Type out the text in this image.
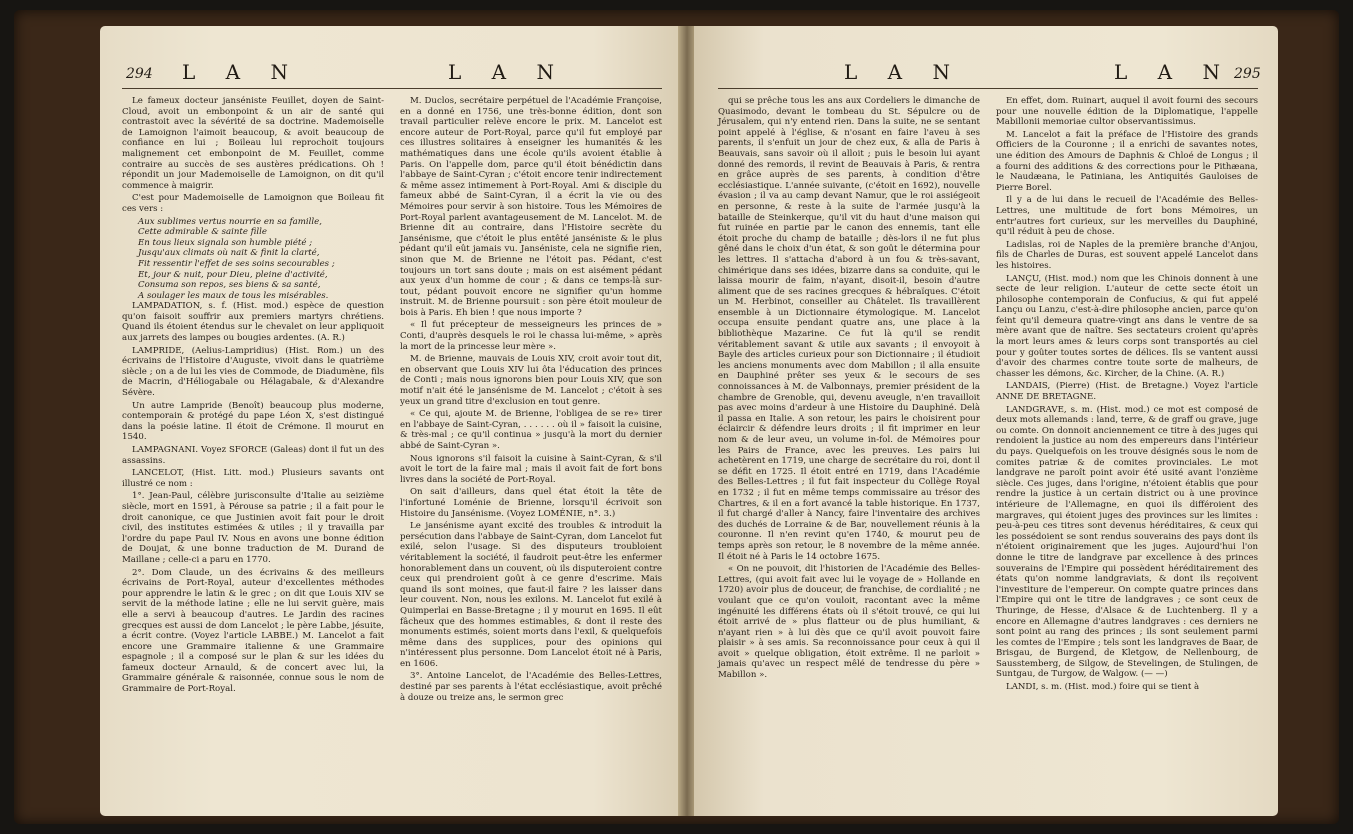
294 L A N	L A N

Le fameux docteur janséniste Feuillet, doyen de Saint-Cloud, avoit un embonpoint & un air de santé qui contrastoit avec la sévérité de sa doctrine. Mademoiselle de Lamoignon l'aimoit beaucoup, & avoit beaucoup de confiance en lui ; Boileau lui reprochoit toujours malignement cet embonpoint de M. Feuillet, comme contraire au succès de ses austères prédications. Oh ! répondit un jour Mademoiselle de Lamoignon, on dit qu'il commence à maigrir.

C'est pour Mademoiselle de Lamoignon que Boileau fit ces vers :

Aux sublimes vertus nourrie en sa famille,

Cette admirable & sainte fille

En tous lieux signala son humble piété ;

Jusqu'aux climats où nait & finit la clarté,

Fit ressentir l'effet de ses soins secourables ;

Et, jour & nuit, pour Dieu, pleine d'activité,

Consuma son repos, ses biens & sa santé,

A soulager les maux de tous les misérables.

LAMPADATION, s. f. (Hist. mod.) espèce de question qu'on faisoit souffrir aux premiers martyrs chrétiens. Quand ils étoient étendus sur le chevalet on leur appliquoit aux jarrets des lampes ou bougies ardentes. (A. R.)

LAMPRIDE, (Aelius-Lampridius) (Hist. Rom.) un des écrivains de l'Histoire d'Auguste, vivoit dans le quatrième siècle ; on a de lui les vies de Commode, de Diadumène, fils de Macrin, d'Héliogabale ou Hélagabale, & d'Alexandre Sévère.

Un autre Lampride (Benoît) beaucoup plus moderne, contemporain & protégé du pape Léon X, s'est distingué dans la poésie latine. Il étoit de Crémone. Il mourut en 1540.

LAMPAGNANI. Voyez SFORCE (Galeas) dont il fut un des assassins.

LANCELOT, (Hist. Litt. mod.) Plusieurs savants ont illustré ce nom :

1°. Jean-Paul, célèbre jurisconsulte d'Italie au seizième siècle, mort en 1591, à Pérouse sa patrie ; il a fait pour le droit canonique, ce que Justinien avoit fait pour le droit civil, des institutes estimées & utiles ; il y travailla par l'ordre du pape Paul IV. Nous en avons une bonne édition de Doujat, & une bonne traduction de M. Durand de Maillane ; celle-ci a paru en 1770.

2°. Dom Claude, un des écrivains & des meilleurs écrivains de Port-Royal, auteur d'excellentes méthodes pour apprendre le latin & le grec ; on dit que Louis XIV se servit de la méthode latine ; elle ne lui servit guère, mais elle a servi à beaucoup d'autres. Le Jardin des racines grecques est aussi de dom Lancelot ; le père Labbe, jésuite, a écrit contre. (Voyez l'article LABBE.) M. Lancelot a fait encore une Grammaire italienne & une Grammaire espagnole ; il a composé sur le plan & sur les idées du fameux docteur Arnauld, & de concert avec lui, la Grammaire générale & raisonnée, connue sous le nom de Grammaire de Port-Royal.

M. Duclos, secrétaire perpétuel de l'Académie Françoise, en a donné en 1756, une très-bonne édition, dont son travail particulier relève encore le prix. M. Lancelot est encore auteur de Port-Royal, parce qu'il fut employé par ces illustres solitaires à enseigner les humanités & les mathématiques dans une école qu'ils avoient établie à Paris. On l'appelle dom, parce qu'il étoit bénédictin dans l'abbaye de Saint-Cyran ; c'étoit encore tenir indirectement & même assez intimement à Port-Royal. Ami & disciple du fameux abbé de Saint-Cyran, il a écrit la vie ou des Mémoires pour servir à son histoire. Tous les Mémoires de Port-Royal parlent avantageusement de M. Lancelot. M. de Brienne dit au contraire, dans l'Histoire secrète du Jansénisme, que c'étoit le plus entêté janséniste & le plus pédant qu'il eût jamais vu. Janséniste, cela ne signifie rien, sinon que M. de Brienne ne l'étoit pas. Pédant, c'est toujours un tort sans doute ; mais on est aisément pédant aux yeux d'un homme de cour ; & dans ce temps-là sur-tout, pédant pouvoit encore ne signifier qu'un homme instruit. M. de Brienne poursuit : son père étoit mouleur de bois à Paris. Eh bien ! que nous importe ?

« Il fut précepteur de messeigneurs les princes de » Conti, d'auprès desquels le roi le chassa lui-même, » après la mort de la princesse leur mère ».

M. de Brienne, mauvais de Louis XIV, croit avoir tout dit, en observant que Louis XIV lui ôta l'éducation des princes de Conti ; mais nous ignorons bien pour Louis XIV, que son motif n'ait été le jansénisme de M. Lancelot ; c'étoit à ses yeux un grand titre d'exclusion en tout genre.

« Ce qui, ajoute M. de Brienne, l'obligea de se re» tirer en l'abbaye de Saint-Cyran, . . . . . . où il » faisoit la cuisine, & très-mal ; ce qu'il continua » jusqu'à la mort du dernier abbé de Saint-Cyran ».

Nous ignorons s'il faisoit la cuisine à Saint-Cyran, & s'il avoit le tort de la faire mal ; mais il avoit fait de fort bons livres dans la société de Port-Royal.

On sait d'ailleurs, dans quel état étoit la tête de l'infortuné Loménie de Brienne, lorsqu'il écrivoit son Histoire du Jansénisme. (Voyez LOMÉNIE, n°. 3.)

Le jansénisme ayant excité des troubles & introduit la persécution dans l'abbaye de Saint-Cyran, dom Lancelot fut exilé, selon l'usage. Si des disputeurs troubloient véritablement la société, il faudroit peut-être les enfermer honorablement dans un couvent, où ils disputeroient contre ceux qui prendroient goût à ce genre d'escrime. Mais quand ils sont moines, que faut-il faire ? les laisser dans leur couvent. Non, nous les exilons. M. Lancelot fut exilé à Quimperlai en Basse-Bretagne ; il y mourut en 1695. Il eût fâcheux que des hommes estimables, & dont il reste des monuments estimés, soient morts dans l'exil, & quelquefois même dans des supplices, pour des opinions qui n'intéressent plus personne. Dom Lancelot étoit né à Paris, en 1606.

3°. Antoine Lancelot, de l'Académie des Belles-Lettres, destiné par ses parents à l'état ecclésiastique, avoit prêché à douze ou treize ans, le sermon grec

L A N	L A N 295

qui se prêche tous les ans aux Cordeliers le dimanche de Quasimodo, devant le tombeau du St. Sépulcre ou de Jérusalem, qui n'y entend rien. Dans la suite, ne se sentant point appelé à l'église, & n'osant en faire l'aveu à ses parents, il s'enfuit un jour de chez eux, & alla de Paris à Beauvais, sans savoir où il alloit ; puis le besoin lui ayant donné des remords, il revint de Beauvais à Paris, & rentra en grâce auprès de ses parents, à condition d'être ecclésiastique. L'année suivante, (c'étoit en 1692), nouvelle évasion ; il va au camp devant Namur, que le roi assiégeoit en personne, & reste à la suite de l'armée jusqu'à la bataille de Steinkerque, qu'il vit du haut d'une maison qui fut ruinée en partie par le canon des ennemis, tant elle étoit proche du champ de bataille ; dès-lors il ne fut plus gêné dans le choix d'un état, & son goût le détermina pour les lettres. Il s'attacha d'abord à un fou & très-savant, chimérique dans ses idées, bizarre dans sa conduite, qui le laissa mourir de faim, n'ayant, disoit-il, besoin d'autre aliment que de ses racines grecques & hébraïques. C'étoit un M. Herbinot, conseiller au Châtelet. Ils travaillèrent ensemble à un Dictionnaire étymologique. M. Lancelot occupa ensuite pendant quatre ans, une place à la bibliothèque Mazarine. Ce fut là qu'il se rendit véritablement savant & utile aux savants ; il envoyoit à Bayle des articles curieux pour son Dictionnaire ; il étudioit les anciens monuments avec dom Mabillon ; il alla ensuite en Dauphiné prêter ses yeux & le secours de ses connoissances à M. de Valbonnays, premier président de la chambre de Grenoble, qui, devenu aveugle, n'en travailloit pas avec moins d'ardeur à une Histoire du Dauphiné. Delà il passa en Italie. A son retour, les pairs le choisirent pour éclaircir & défendre leurs droits ; il fit imprimer en leur nom & de leur aveu, un volume in-fol. de Mémoires pour les Pairs de France, avec les preuves. Les pairs lui achetèrent en 1719, une charge de secrétaire du roi, dont il se défit en 1725. Il étoit entré en 1719, dans l'Académie des Belles-Lettres ; il fut fait inspecteur du Collège Royal en 1732 ; il fut en même temps commissaire au trésor des Chartres, & il en a fort avancé la table historique. En 1737, il fut chargé d'aller à Nancy, faire l'inventaire des archives des duchés de Lorraine & de Bar, nouvellement réunis à la couronne. Il n'en revint qu'en 1740, & mourut peu de temps après son retour, le 8 novembre de la même année. Il étoit né à Paris le 14 octobre 1675.

« On ne pouvoit, dit l'historien de l'Académie des Belles-Lettres, (qui avoit fait avec lui le voyage de » Hollande en 1720) avoir plus de douceur, de franchise, de cordialité ; ne voulant que ce qu'on vouloit, racontant avec la même ingénuité les différens états où il s'étoit trouvé, ce qui lui étoit arrivé de » plus flatteur ou de plus humiliant, & n'ayant rien » à lui dès que ce qu'il avoit pouvoit faire plaisir » à ses amis. Sa reconnoissance pour ceux à qui il avoit » quelque obligation, étoit extrême. Il ne parloit » jamais qu'avec un respect mêlé de tendresse du père » Mabillon ».

En effet, dom. Ruinart, auquel il avoit fourni des secours pour une nouvelle édition de la Diplomatique, l'appelle Mabillonii memoriae cultor observantissimus.

M. Lancelot a fait la préface de l'Histoire des grands Officiers de la Couronne ; il a enrichi de savantes notes, une édition des Amours de Daphnis & Chloé de Longus ; il a fourni des additions & des corrections pour le Pithæana, le Naudæana, le Patiniana, les Antiquités Gauloises de Pierre Borel.

Il y a de lui dans le recueil de l'Académie des Belles-Lettres, une multitude de fort bons Mémoires, un entr'autres fort curieux, sur les merveilles du Dauphiné, qu'il réduit à peu de chose.

Ladislas, roi de Naples de la première branche d'Anjou, fils de Charles de Duras, est souvent appelé Lancelot dans les histoires.

LANÇU, (Hist. mod.) nom que les Chinois donnent à une secte de leur religion. L'auteur de cette secte étoit un philosophe contemporain de Confucius, & qui fut appelé Lançu ou Lanzu, c'est-à-dire philosophe ancien, parce qu'on feint qu'il demeura quatre-vingt ans dans le ventre de sa mère avant que de naître. Ses sectateurs croient qu'après la mort leurs ames & leurs corps sont transportés au ciel pour y goûter toutes sortes de délices. Ils se vantent aussi d'avoir des charmes contre toute sorte de malheurs, de chasser les démons, &c. Kircher, de la Chine. (A. R.)

LANDAIS, (Pierre) (Hist. de Bretagne.) Voyez l'article ANNE DE BRETAGNE.

LANDGRAVE, s. m. (Hist. mod.) ce mot est composé de deux mots allemands : land, terre, & de graff ou grave, juge ou comte. On donnoit anciennement ce titre à des juges qui rendoient la justice au nom des empereurs dans l'intérieur du pays. Quelquefois on les trouve désignés sous le nom de comites patriæ & de comites provinciales. Le mot landgrave ne paroît point avoir été usité avant l'onzième siècle. Ces juges, dans l'origine, n'étoient établis que pour rendre la justice à un certain district ou à une province intérieure de l'Allemagne, en quoi ils différoient des margraves, qui étoient juges des provinces sur les limites : peu-à-peu ces titres sont devenus héréditaires, & ceux qui les possédoient se sont rendus souverains des pays dont ils n'étoient originairement que les juges. Aujourd'hui l'on donne le titre de landgrave par excellence à des princes souverains de l'Empire qui possèdent héréditairement des états qu'on nomme landgraviats, & dont ils reçoivent l'investiture de l'empereur. On compte quatre princes dans l'Empire qui ont le titre de landgraves ; ce sont ceux de Thuringe, de Hesse, d'Alsace & de Luchtenberg. Il y a encore en Allemagne d'autres landgraves : ces derniers ne sont point au rang des princes ; ils sont seulement parmi les comtes de l'Empire ; tels sont les landgraves de Baar, de Brisgau, de Burgend, de Kletgow, de Nellenbourg, de Sausstemberg, de Silgow, de Stevelingen, de Stulingen, de Suntgau, de Turgow, de Walgow. (— —)

LANDI, s. m. (Hist. mod.) foire qui se tient à
